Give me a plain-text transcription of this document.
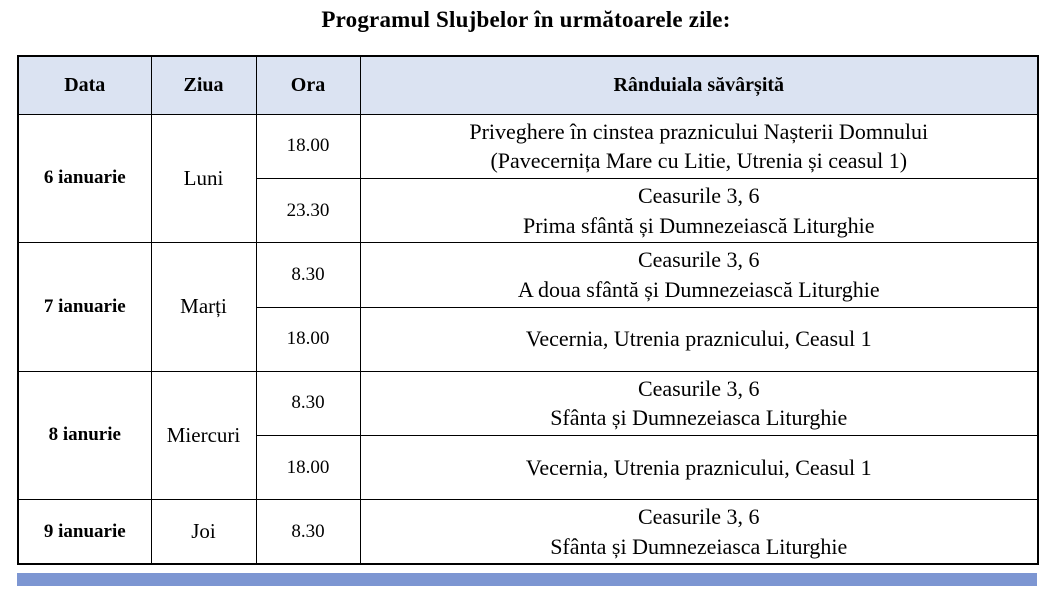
Programul Slujbelor în următoarele zile:
Data	Ziua	Ora	Rânduiala săvârșită
6 ianuarie	Luni	18.00	Priveghere în cinstea praznicului Nașterii Domnului
(Pavecernița Mare cu Litie, Utrenia și ceasul 1)
		23.30	Ceasurile 3, 6
Prima sfântă și Dumnezeiască Liturghie
7 ianuarie	Marți	8.30	Ceasurile 3, 6
A doua sfântă și Dumnezeiască Liturghie
		18.00	Vecernia, Utrenia praznicului, Ceasul 1
8 ianurie	Miercuri	8.30	Ceasurile 3, 6
Sfânta și Dumnezeiasca Liturghie
		18.00	Vecernia, Utrenia praznicului, Ceasul 1
9 ianuarie	Joi	8.30	Ceasurile 3, 6
Sfânta și Dumnezeiasca Liturghie
